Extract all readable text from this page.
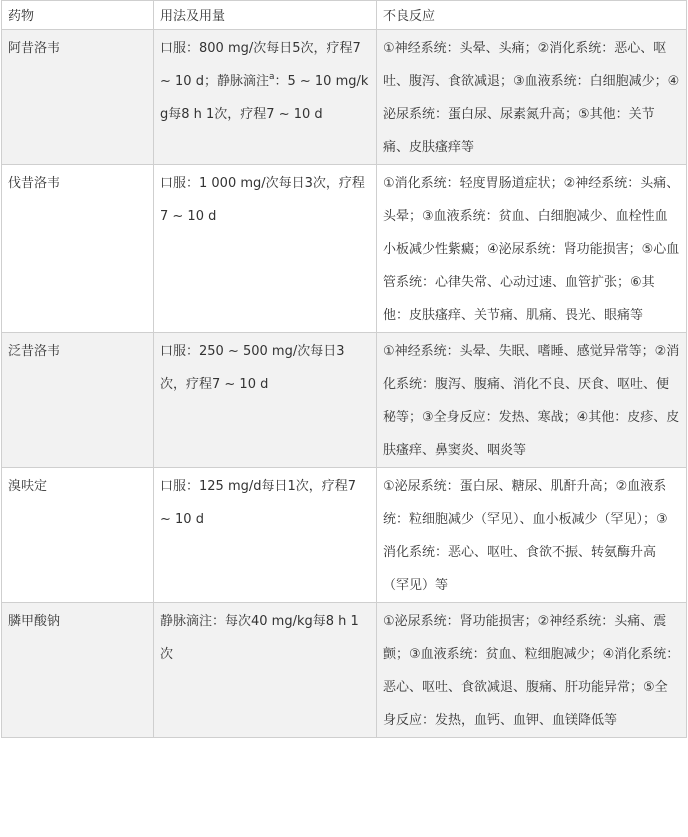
药物	用法及用量	不良反应
阿昔洛韦	口服：800 mg/次每日5次，疗程7 ~ 10 d；静脉滴注$^a$：5 ~ 10 mg/kg每8 h 1次，疗程7 ~ 10 d	①神经系统：头晕、头痛；②消化系统：恶心、呕吐、腹泻、食欲减退；③血液系统：白细胞减少；④泌尿系统：蛋白尿、尿素氮升高；⑤其他：关节痛、皮肤瘙痒等
伐昔洛韦	口服：1 000 mg/次每日3次，疗程7 ~ 10 d	①消化系统：轻度胃肠道症状；②神经系统：头痛、头晕；③血液系统：贫血、白细胞减少、血栓性血小板减少性紫癜；④泌尿系统：肾功能损害；⑤心血管系统：心律失常、心动过速、血管扩张；⑥其他：皮肤瘙痒、关节痛、肌痛、畏光、眼痛等
泛昔洛韦	口服：250 ~ 500 mg/次每日3次，疗程7 ~ 10 d	①神经系统：头晕、失眠、嗜睡、感觉异常等；②消化系统：腹泻、腹痛、消化不良、厌食、呕吐、便秘等；③全身反应：发热、寒战；④其他：皮疹、皮肤瘙痒、鼻窦炎、咽炎等
溴呋定	口服：125 mg/d每日1次，疗程7 ~ 10 d	①泌尿系统：蛋白尿、糖尿、肌酐升高；②血液系统：粒细胞减少（罕见）、血小板减少（罕见）；③消化系统：恶心、呕吐、食欲不振、转氨酶升高（罕见）等
膦甲酸钠	静脉滴注：每次40 mg/kg每8 h 1次	①泌尿系统：肾功能损害；②神经系统：头痛、震颤；③血液系统：贫血、粒细胞减少；④消化系统：恶心、呕吐、食欲减退、腹痛、肝功能异常；⑤全身反应：发热，血钙、血钾、血镁降低等
